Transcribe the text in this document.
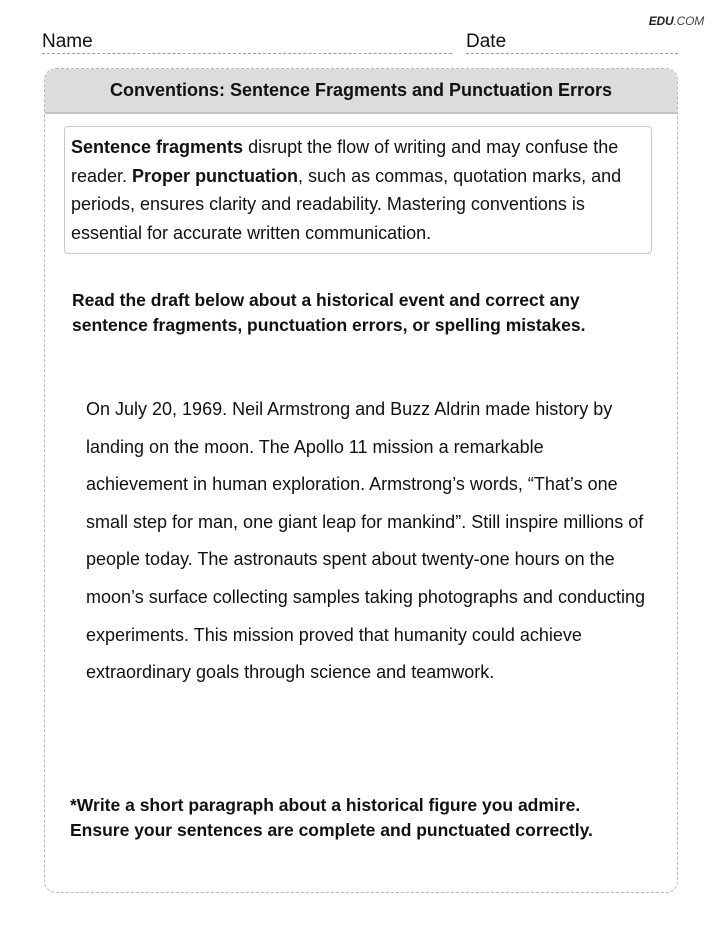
EDU.COM
Name	Date
Conventions: Sentence Fragments and Punctuation Errors
Sentence fragments disrupt the flow of writing and may confuse the reader. Proper punctuation, such as commas, quotation marks, and periods, ensures clarity and readability. Mastering conventions is essential for accurate written communication.
Read the draft below about a historical event and correct any sentence fragments, punctuation errors, or spelling mistakes.
On July 20, 1969. Neil Armstrong and Buzz Aldrin made history by landing on the moon. The Apollo 11 mission a remarkable achievement in human exploration. Armstrong’s words, “That’s one small step for man, one giant leap for mankind”. Still inspire millions of people today. The astronauts spent about twenty-one hours on the moon’s surface collecting samples taking photographs and conducting experiments. This mission proved that humanity could achieve extraordinary goals through science and teamwork.
*Write a short paragraph about a historical figure you admire. Ensure your sentences are complete and punctuated correctly.
